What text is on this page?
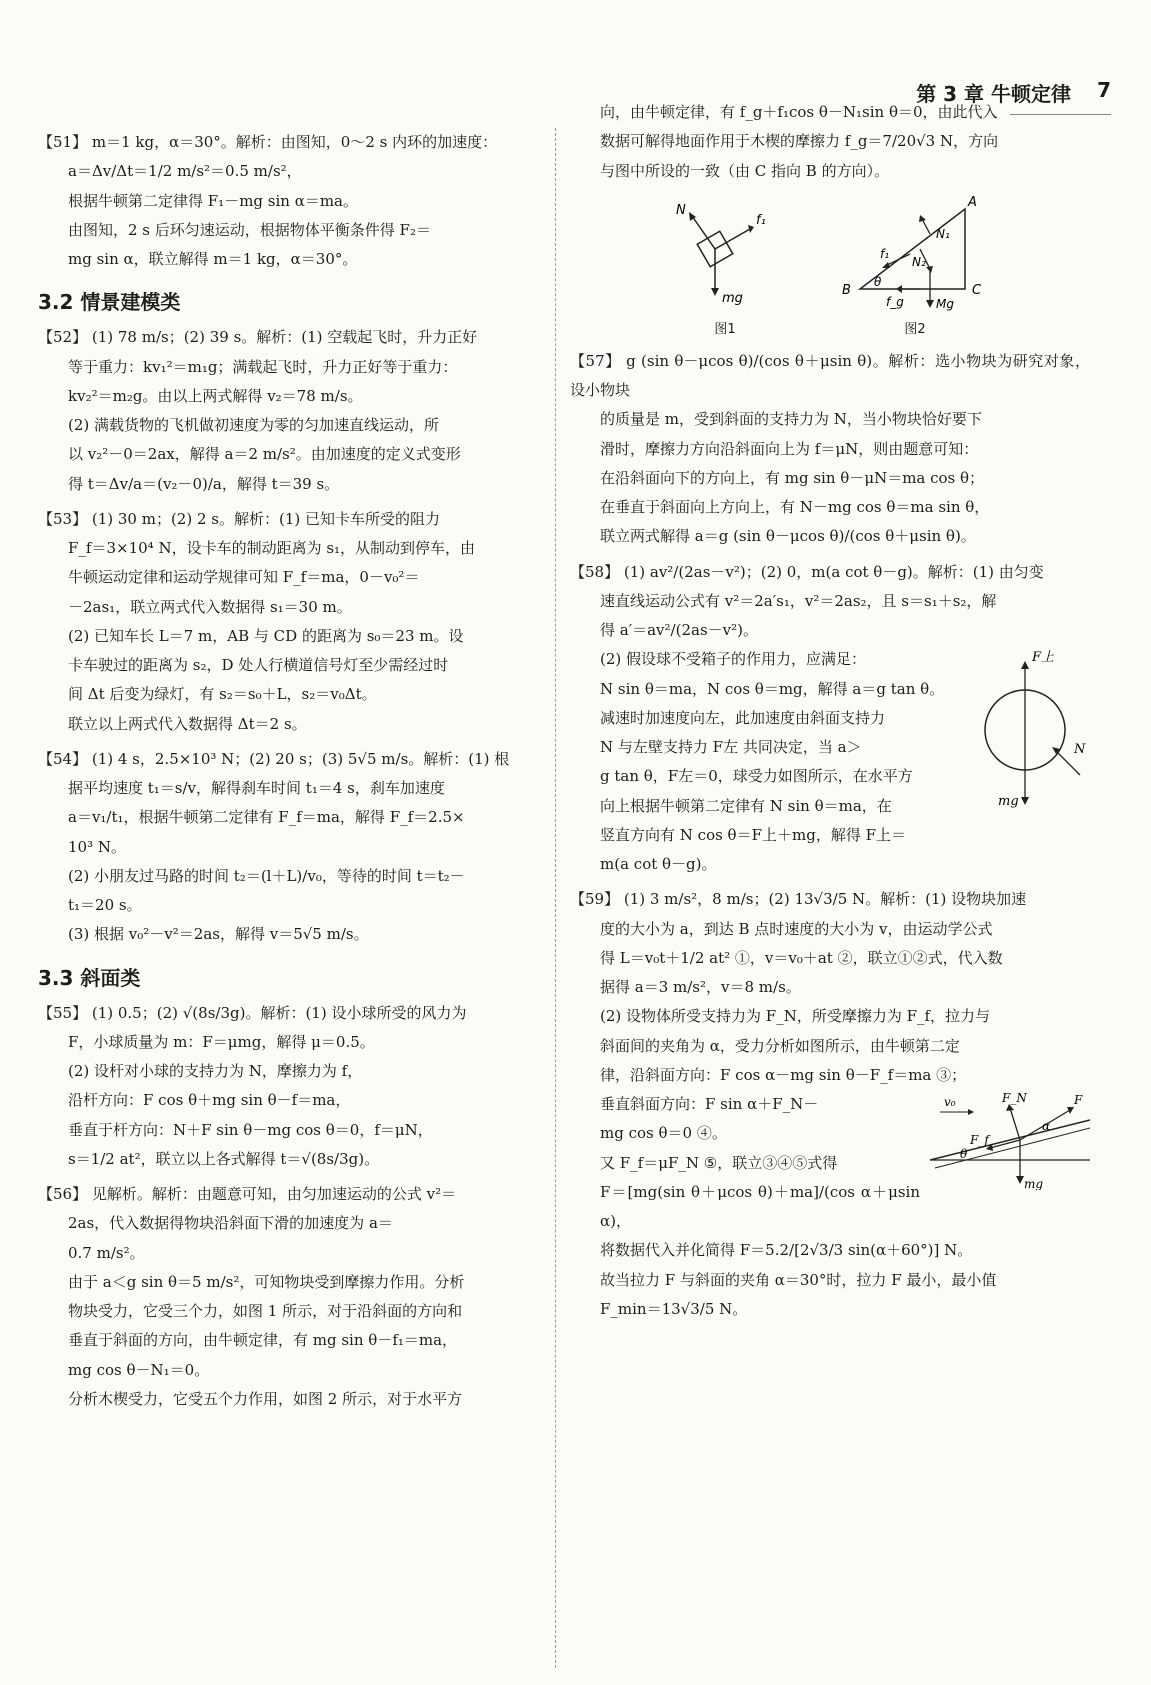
第 3 章 牛顿定律 7
【51】 m＝1 kg，α＝30°。解析：由图知，0～2 s 内环的加速度：
a＝Δv/Δt＝1/2 m/s²＝0.5 m/s²，
根据牛顿第二定律得 F₁－mg sin α＝ma。
由图知，2 s 后环匀速运动，根据物体平衡条件得 F₂＝
mg sin α，联立解得 m＝1 kg，α＝30°。
3.2 情景建模类
【52】 (1) 78 m/s；(2) 39 s。解析：(1) 空载起飞时，升力正好
等于重力：kv₁²＝m₁g；满载起飞时，升力正好等于重力：
kv₂²＝m₂g。由以上两式解得 v₂＝78 m/s。
(2) 满载货物的飞机做初速度为零的匀加速直线运动，所
以 v₂²－0＝2ax，解得 a＝2 m/s²。由加速度的定义式变形
得 t＝Δv/a＝(v₂－0)/a，解得 t＝39 s。
【53】 (1) 30 m；(2) 2 s。解析：(1) 已知卡车所受的阻力
F_f＝3×10⁴ N，设卡车的制动距离为 s₁，从制动到停车，由
牛顿运动定律和运动学规律可知 F_f＝ma，0－v₀²＝
－2as₁，联立两式代入数据得 s₁＝30 m。
(2) 已知车长 L＝7 m，AB 与 CD 的距离为 s₀＝23 m。设
卡车驶过的距离为 s₂，D 处人行横道信号灯至少需经过时
间 Δt 后变为绿灯，有 s₂＝s₀＋L，s₂＝v₀Δt。
联立以上两式代入数据得 Δt＝2 s。
【54】 (1) 4 s，2.5×10³ N；(2) 20 s；(3) 5√5 m/s。解析：(1) 根
据平均速度 t₁＝s/v，解得刹车时间 t₁＝4 s，刹车加速度
a＝v₁/t₁，根据牛顿第二定律有 F_f＝ma，解得 F_f＝2.5×
10³ N。
(2) 小朋友过马路的时间 t₂＝(l＋L)/v₀，等待的时间 t＝t₂－
t₁＝20 s。
(3) 根据 v₀²－v²＝2as，解得 v＝5√5 m/s。
3.3 斜面类
【55】 (1) 0.5；(2) √(8s/3g)。解析：(1) 设小球所受的风力为
F，小球质量为 m：F＝μmg，解得 μ＝0.5。
(2) 设杆对小球的支持力为 N，摩擦力为 f，
沿杆方向：F cos θ＋mg sin θ－f＝ma，
垂直于杆方向：N＋F sin θ－mg cos θ＝0，f＝μN，
s＝1/2 at²，联立以上各式解得 t＝√(8s/3g)。
【56】 见解析。解析：由题意可知，由匀加速运动的公式 v²＝
2as，代入数据得物块沿斜面下滑的加速度为 a＝
0.7 m/s²。
由于 a＜g sin θ＝5 m/s²，可知物块受到摩擦力作用。分析
物块受力，它受三个力，如图 1 所示，对于沿斜面的方向和
垂直于斜面的方向，由牛顿定律，有 mg sin θ－f₁＝ma，
mg cos θ－N₁＝0。
分析木楔受力，它受五个力作用，如图 2 所示，对于水平方
向，由牛顿定律，有 f_g＋f₁cos θ－N₁sin θ＝0，由此代入
数据可解得地面作用于木楔的摩擦力 f_g＝7/20√3 N，方向
与图中所设的一致（由 C 指向 B 的方向）。
N
f₁
mg
图1
A
B	C
N₁
N₂
f₁
f_g	Mg
θ
图2
【57】 g (sin θ－μcos θ)/(cos θ＋μsin θ)。解析：选小物块为研究对象，设小物块
的质量是 m，受到斜面的支持力为 N，当小物块恰好要下
滑时，摩擦力方向沿斜面向上为 f＝μN，则由题意可知：
在沿斜面向下的方向上，有 mg sin θ－μN＝ma cos θ；
在垂直于斜面向上方向上，有 N－mg cos θ＝ma sin θ，
联立两式解得 a＝g (sin θ－μcos θ)/(cos θ＋μsin θ)。
【58】 (1) av²/(2as－v²)；(2) 0，m(a cot θ－g)。解析：(1) 由匀变
速直线运动公式有 v²＝2a′s₁，v²＝2as₂，且 s＝s₁＋s₂，解
得 a′＝av²/(2as－v²)。
F上
N
mg
(2) 假设球不受箱子的作用力，应满足：
N sin θ＝ma，N cos θ＝mg，解得 a＝g tan θ。
减速时加速度向左，此加速度由斜面支持力
N 与左壁支持力 F左 共同决定，当 a＞
g tan θ，F左＝0，球受力如图所示，在水平方
向上根据牛顿第二定律有 N sin θ＝ma，在
竖直方向有 N cos θ＝F上＋mg，解得 F上＝
m(a cot θ－g)。
【59】 (1) 3 m/s²，8 m/s；(2) 13√3/5 N。解析：(1) 设物块加速
度的大小为 a，到达 B 点时速度的大小为 v，由运动学公式
得 L＝v₀t＋1/2 at² ①，v＝v₀＋at ②，联立①②式，代入数
据得 a＝3 m/s²，v＝8 m/s。
(2) 设物体所受支持力为 F_N，所受摩擦力为 F_f，拉力与
斜面间的夹角为 α，受力分析如图所示，由牛顿第二定
律，沿斜面方向：F cos α－mg sin θ－F_f＝ma ③；
F_N	F
F_f
v₀
α
θ
mg
垂直斜面方向：F sin α＋F_N－
mg cos θ＝0 ④。
又 F_f＝μF_N ⑤，联立③④⑤式得
F＝[mg(sin θ＋μcos θ)＋ma]/(cos α＋μsin α)，
将数据代入并化简得 F＝5.2/[2√3/3 sin(α＋60°)] N。
故当拉力 F 与斜面的夹角 α＝30°时，拉力 F 最小，最小值
F_min＝13√3/5 N。
